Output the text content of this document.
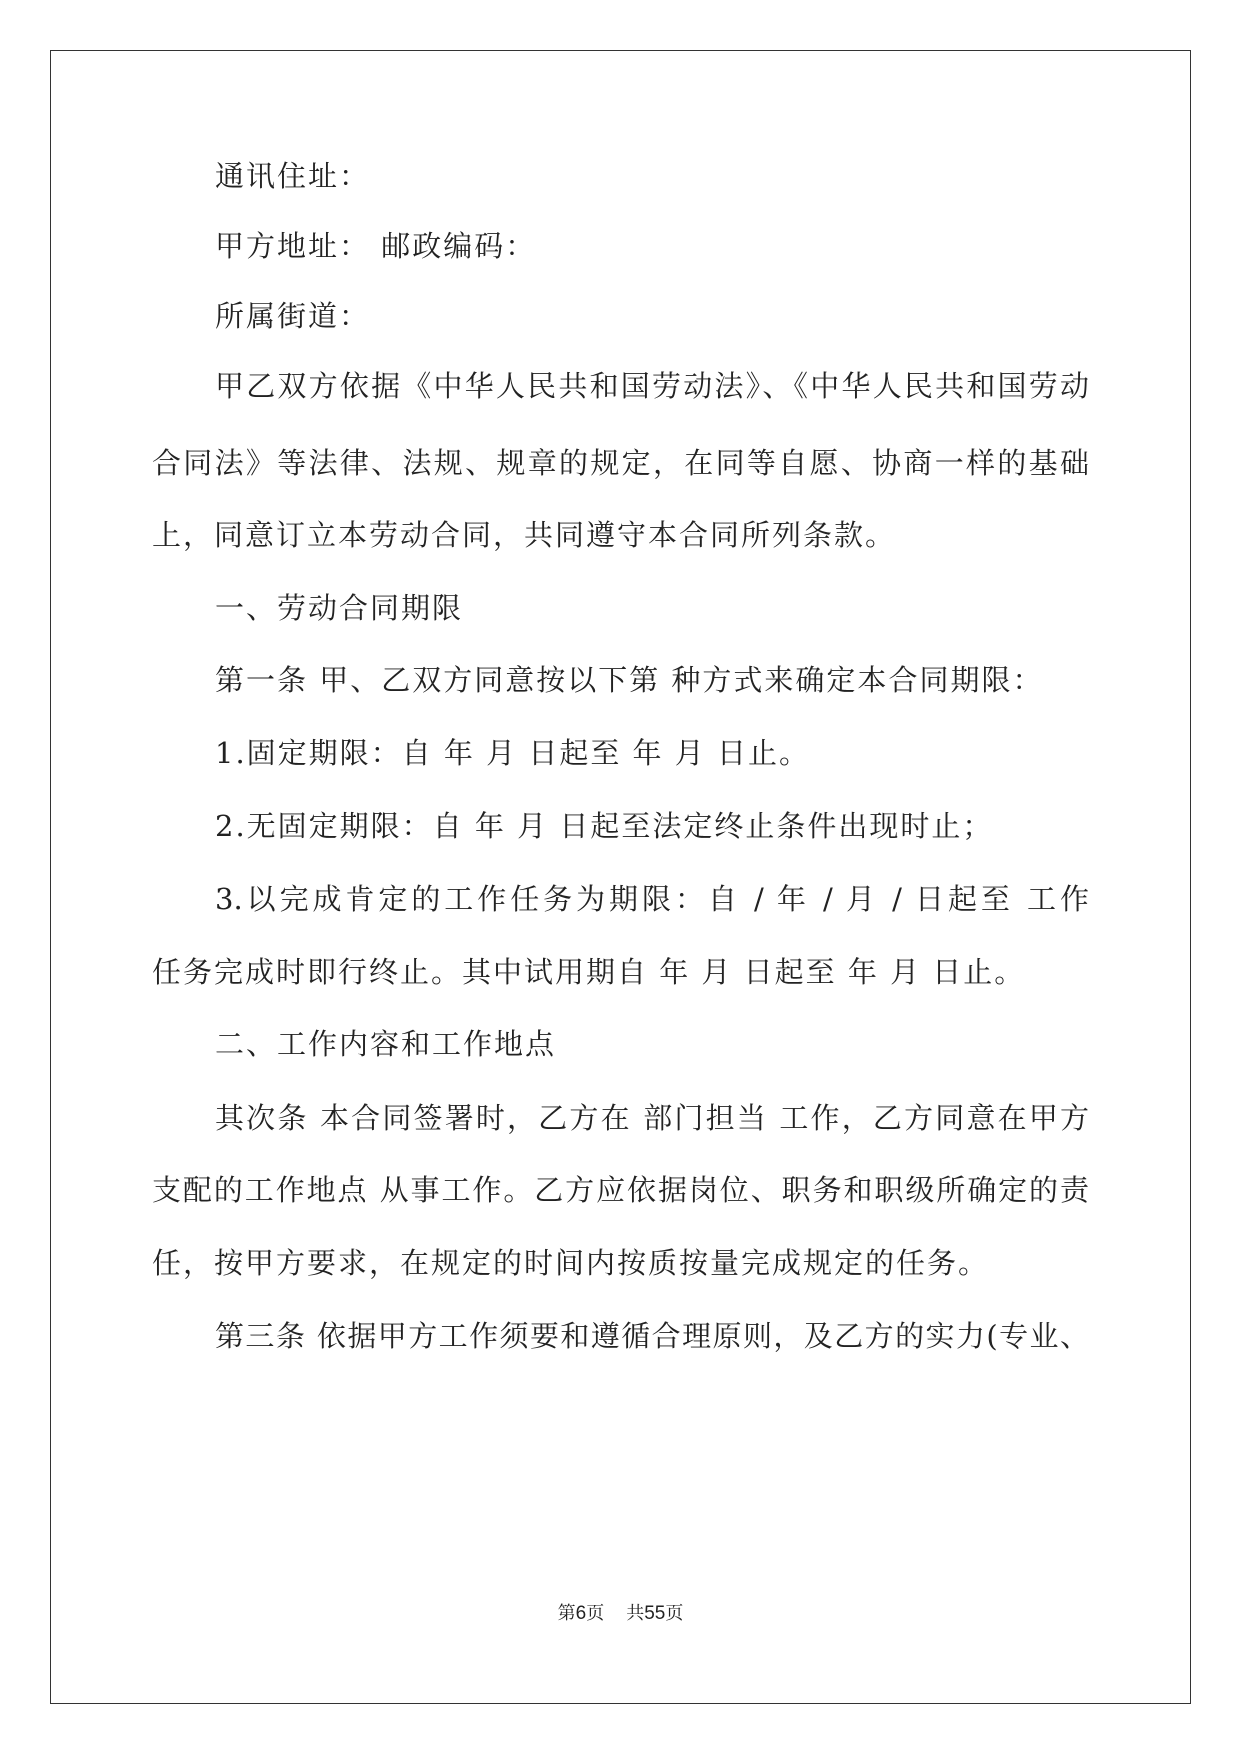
通讯住址：
甲方地址： 邮政编码：
所属街道：
甲乙双方依据《中华人民共和国劳动法》、《中华人民共和国劳动
合同法》等法律、法规、规章的规定，在同等自愿、协商一样的基础
上，同意订立本劳动合同，共同遵守本合同所列条款。
一、劳动合同期限
第一条 甲、乙双方同意按以下第 种方式来确定本合同期限：
1.固定期限：自 年 月 日起至 年 月 日止。
2.无固定期限：自 年 月 日起至法定终止条件出现时止；
3.以完成肯定的工作任务为期限：自 / 年 / 月 / 日起至 工作
任务完成时即行终止。其中试用期自 年 月 日起至 年 月 日止。
二、工作内容和工作地点
其次条 本合同签署时，乙方在 部门担当 工作，乙方同意在甲方
支配的工作地点 从事工作。乙方应依据岗位、职务和职级所确定的责
任，按甲方要求，在规定的时间内按质按量完成规定的任务。
第三条 依据甲方工作须要和遵循合理原则，及乙方的实力(专业、
第6页 共55页
